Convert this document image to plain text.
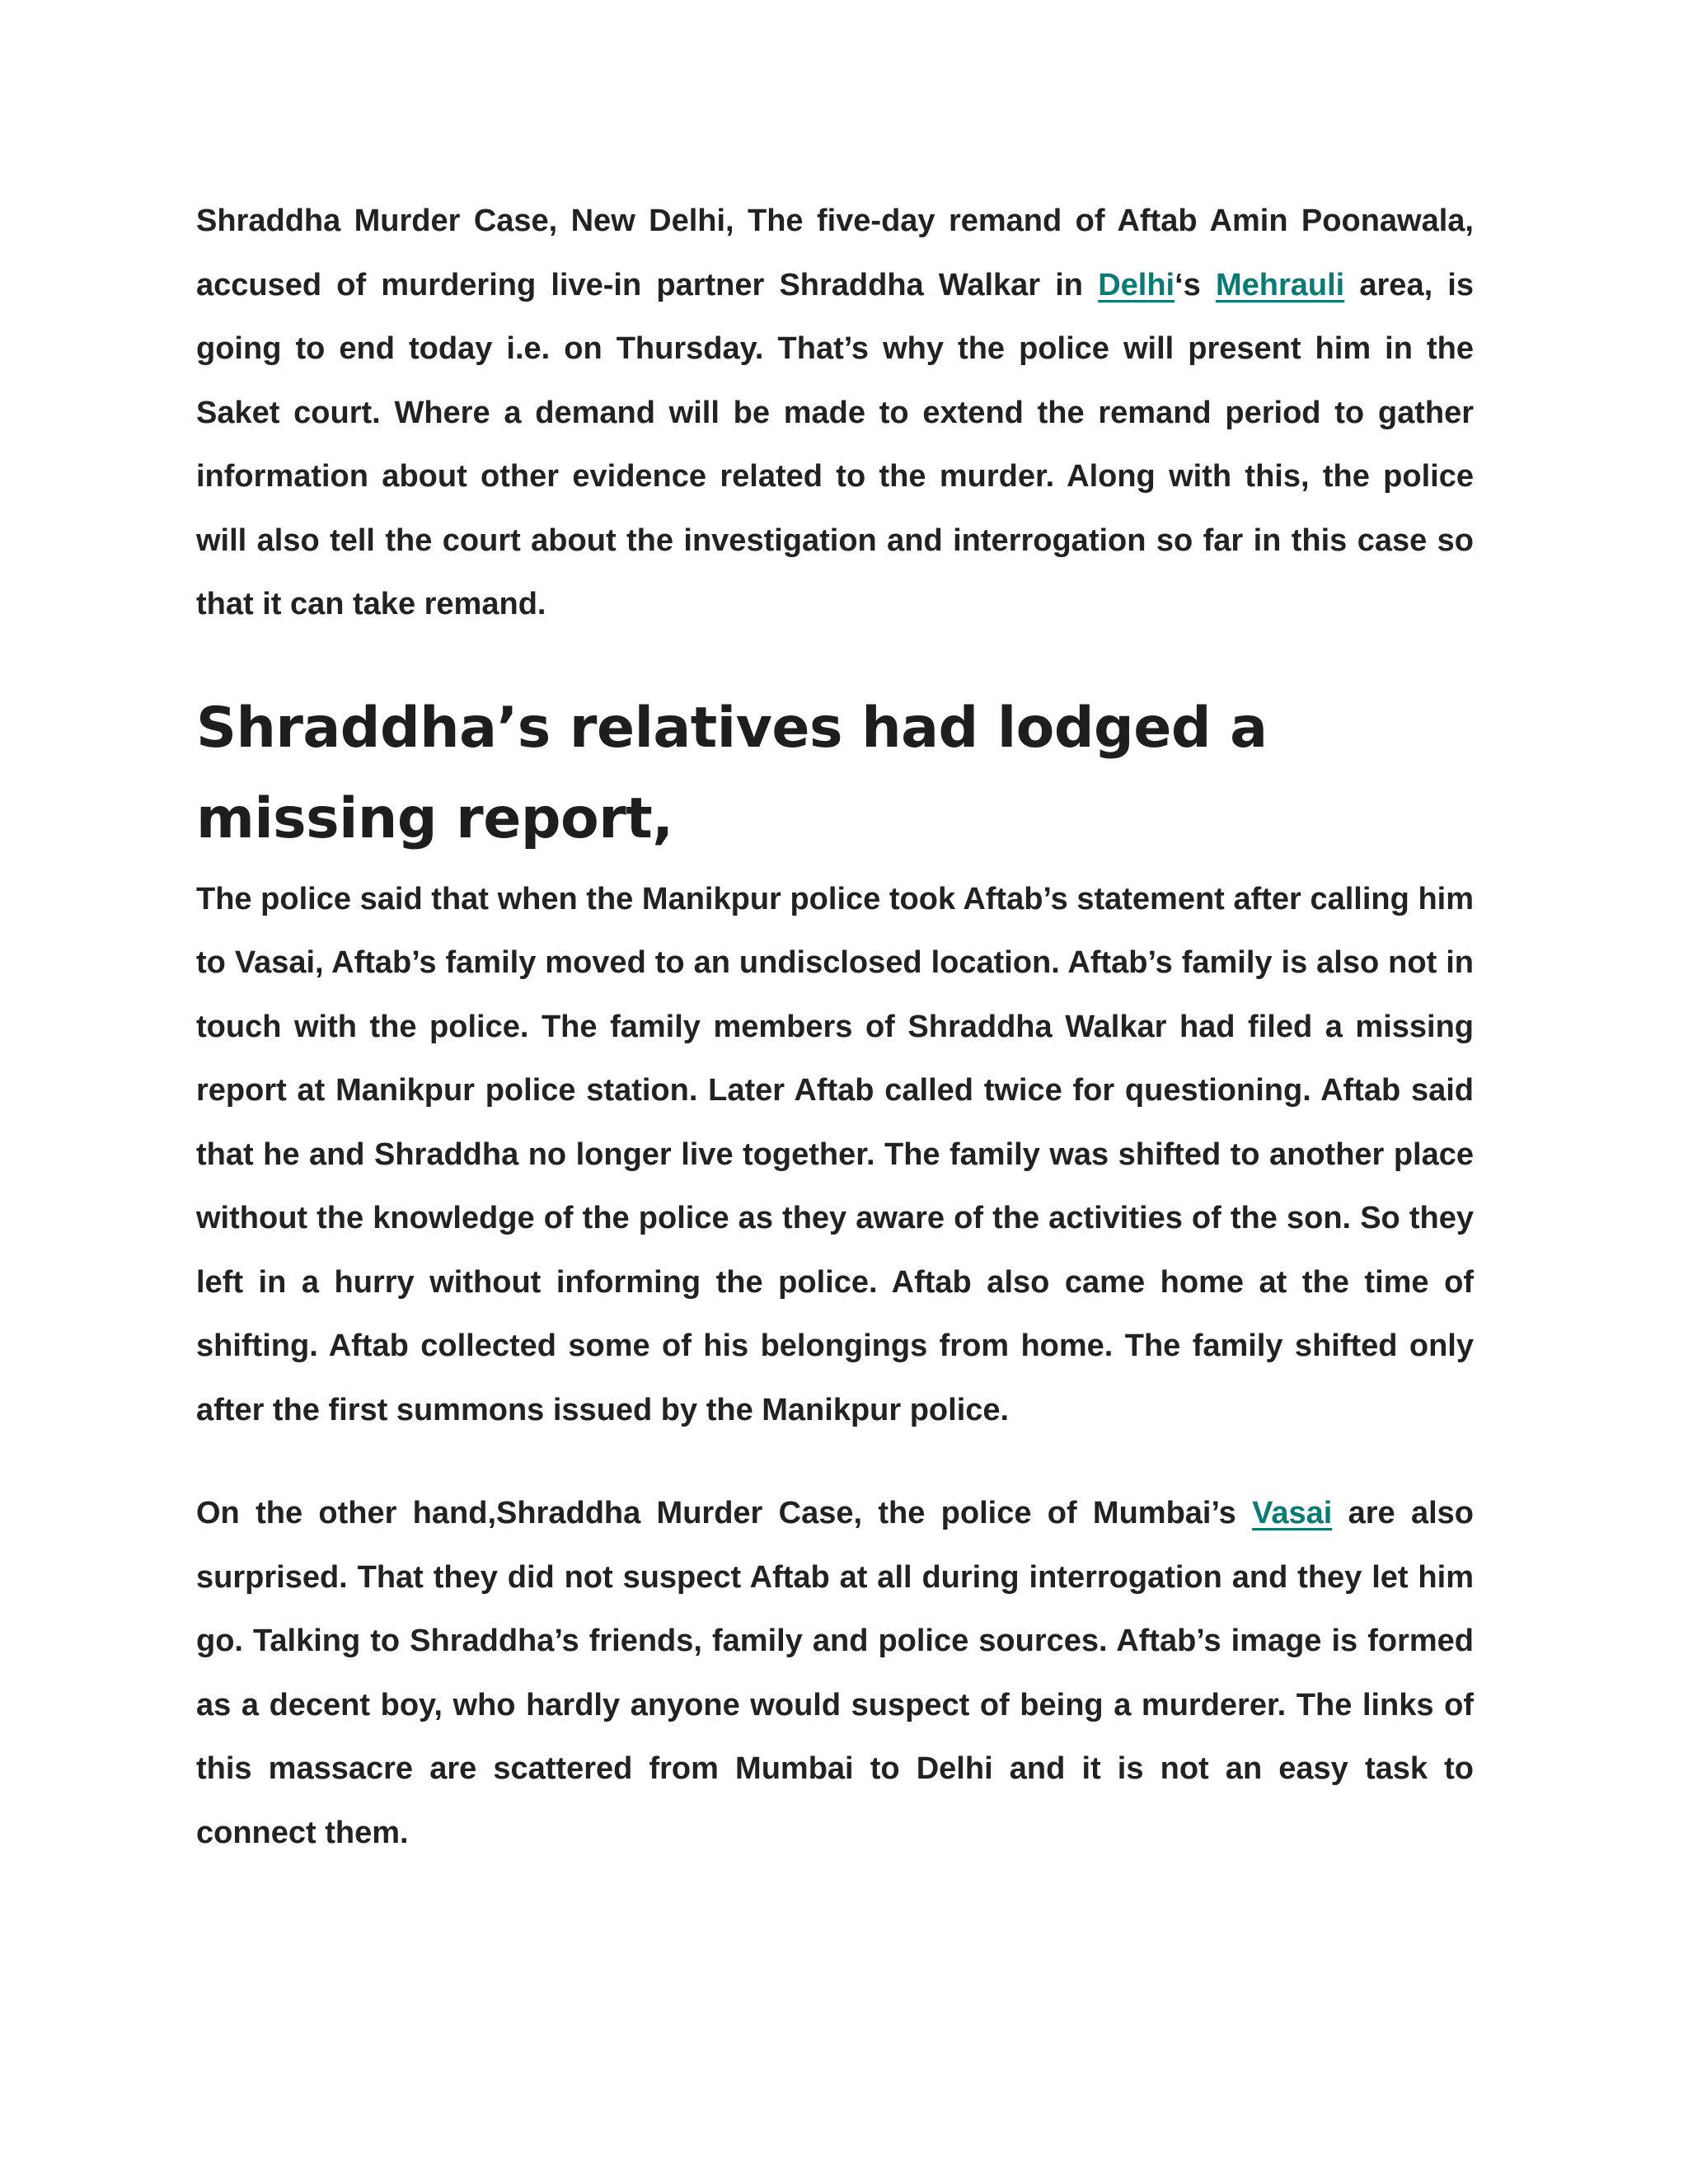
Shraddha Murder Case, New Delhi, The five-day remand of Aftab Amin Poonawala, accused of murdering live-in partner Shraddha Walkar in Delhi‘s Mehrauli area, is going to end today i.e. on Thursday. That’s why the police will present him in the Saket court. Where a demand will be made to extend the remand period to gather information about other evidence related to the murder. Along with this, the police will also tell the court about the investigation and interrogation so far in this case so that it can take remand.

Shraddha’s relatives had lodged a missing report,

The police said that when the Manikpur police took Aftab’s statement after calling him to Vasai, Aftab’s family moved to an undisclosed location. Aftab’s family is also not in touch with the police. The family members of Shraddha Walkar had filed a missing report at Manikpur police station. Later Aftab called twice for questioning. Aftab said that he and Shraddha no longer live together. The family was shifted to another place without the knowledge of the police as they aware of the activities of the son. So they left in a hurry without informing the police. Aftab also came home at the time of shifting. Aftab collected some of his belongings from home. The family shifted only after the first summons issued by the Manikpur police.

On the other hand,Shraddha Murder Case, the police of Mumbai’s Vasai are also surprised. That they did not suspect Aftab at all during interrogation and they let him go. Talking to Shraddha’s friends, family and police sources. Aftab’s image is formed as a decent boy, who hardly anyone would suspect of being a murderer. The links of this massacre are scattered from Mumbai to Delhi and it is not an easy task to connect them.
